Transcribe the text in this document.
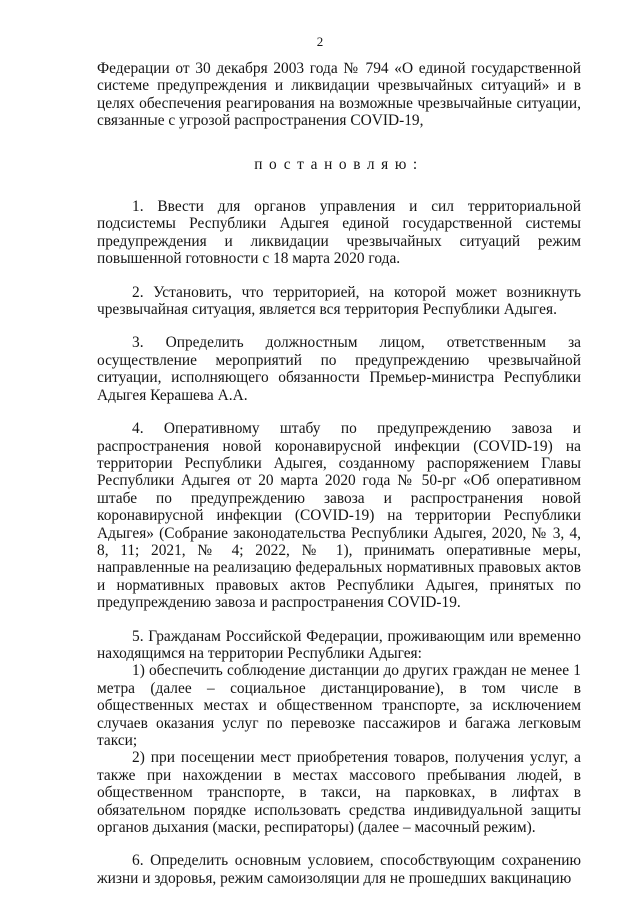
2

Федерации от 30 декабря 2003 года № 794 «О единой государственной системе предупреждения и ликвидации чрезвычайных ситуаций» и в целях обеспечения реагирования на возможные чрезвычайные ситуации, связанные с угрозой распространения COVID-19,

постановляю:

1. Ввести для органов управления и сил территориальной подсистемы Республики Адыгея единой государственной системы предупреждения и ликвидации чрезвычайных ситуаций режим повышенной готовности с 18 марта 2020 года.

2. Установить, что территорией, на которой может возникнуть чрезвычайная ситуация, является вся территория Республики Адыгея.

3. Определить должностным лицом, ответственным за осуществление мероприятий по предупреждению чрезвычайной ситуации, исполняющего обязанности Премьер-министра Республики Адыгея Керашева А.А.

4. Оперативному штабу по предупреждению завоза и распространения новой коронавирусной инфекции (COVID-19) на территории Республики Адыгея, созданному распоряжением Главы Республики Адыгея от 20 марта 2020 года № 50-рг «Об оперативном штабе по предупреждению завоза и распространения новой коронавирусной инфекции (COVID-19) на территории Республики Адыгея» (Собрание законодательства Республики Адыгея, 2020, № 3, 4, 8, 11; 2021, № 4; 2022, № 1), принимать оперативные меры, направленные на реализацию федеральных нормативных правовых актов и нормативных правовых актов Республики Адыгея, принятых по предупреждению завоза и распространения COVID-19.

5. Гражданам Российской Федерации, проживающим или временно находящимся на территории Республики Адыгея:

1) обеспечить соблюдение дистанции до других граждан не менее 1 метра (далее – социальное дистанцирование), в том числе в общественных местах и общественном транспорте, за исключением случаев оказания услуг по перевозке пассажиров и багажа легковым такси;

2) при посещении мест приобретения товаров, получения услуг, а также при нахождении в местах массового пребывания людей, в общественном транспорте, в такси, на парковках, в лифтах в обязательном порядке использовать средства индивидуальной защиты органов дыхания (маски, респираторы) (далее – масочный режим).

6. Определить основным условием, способствующим сохранению жизни и здоровья, режим самоизоляции для не прошедших вакцинацию
